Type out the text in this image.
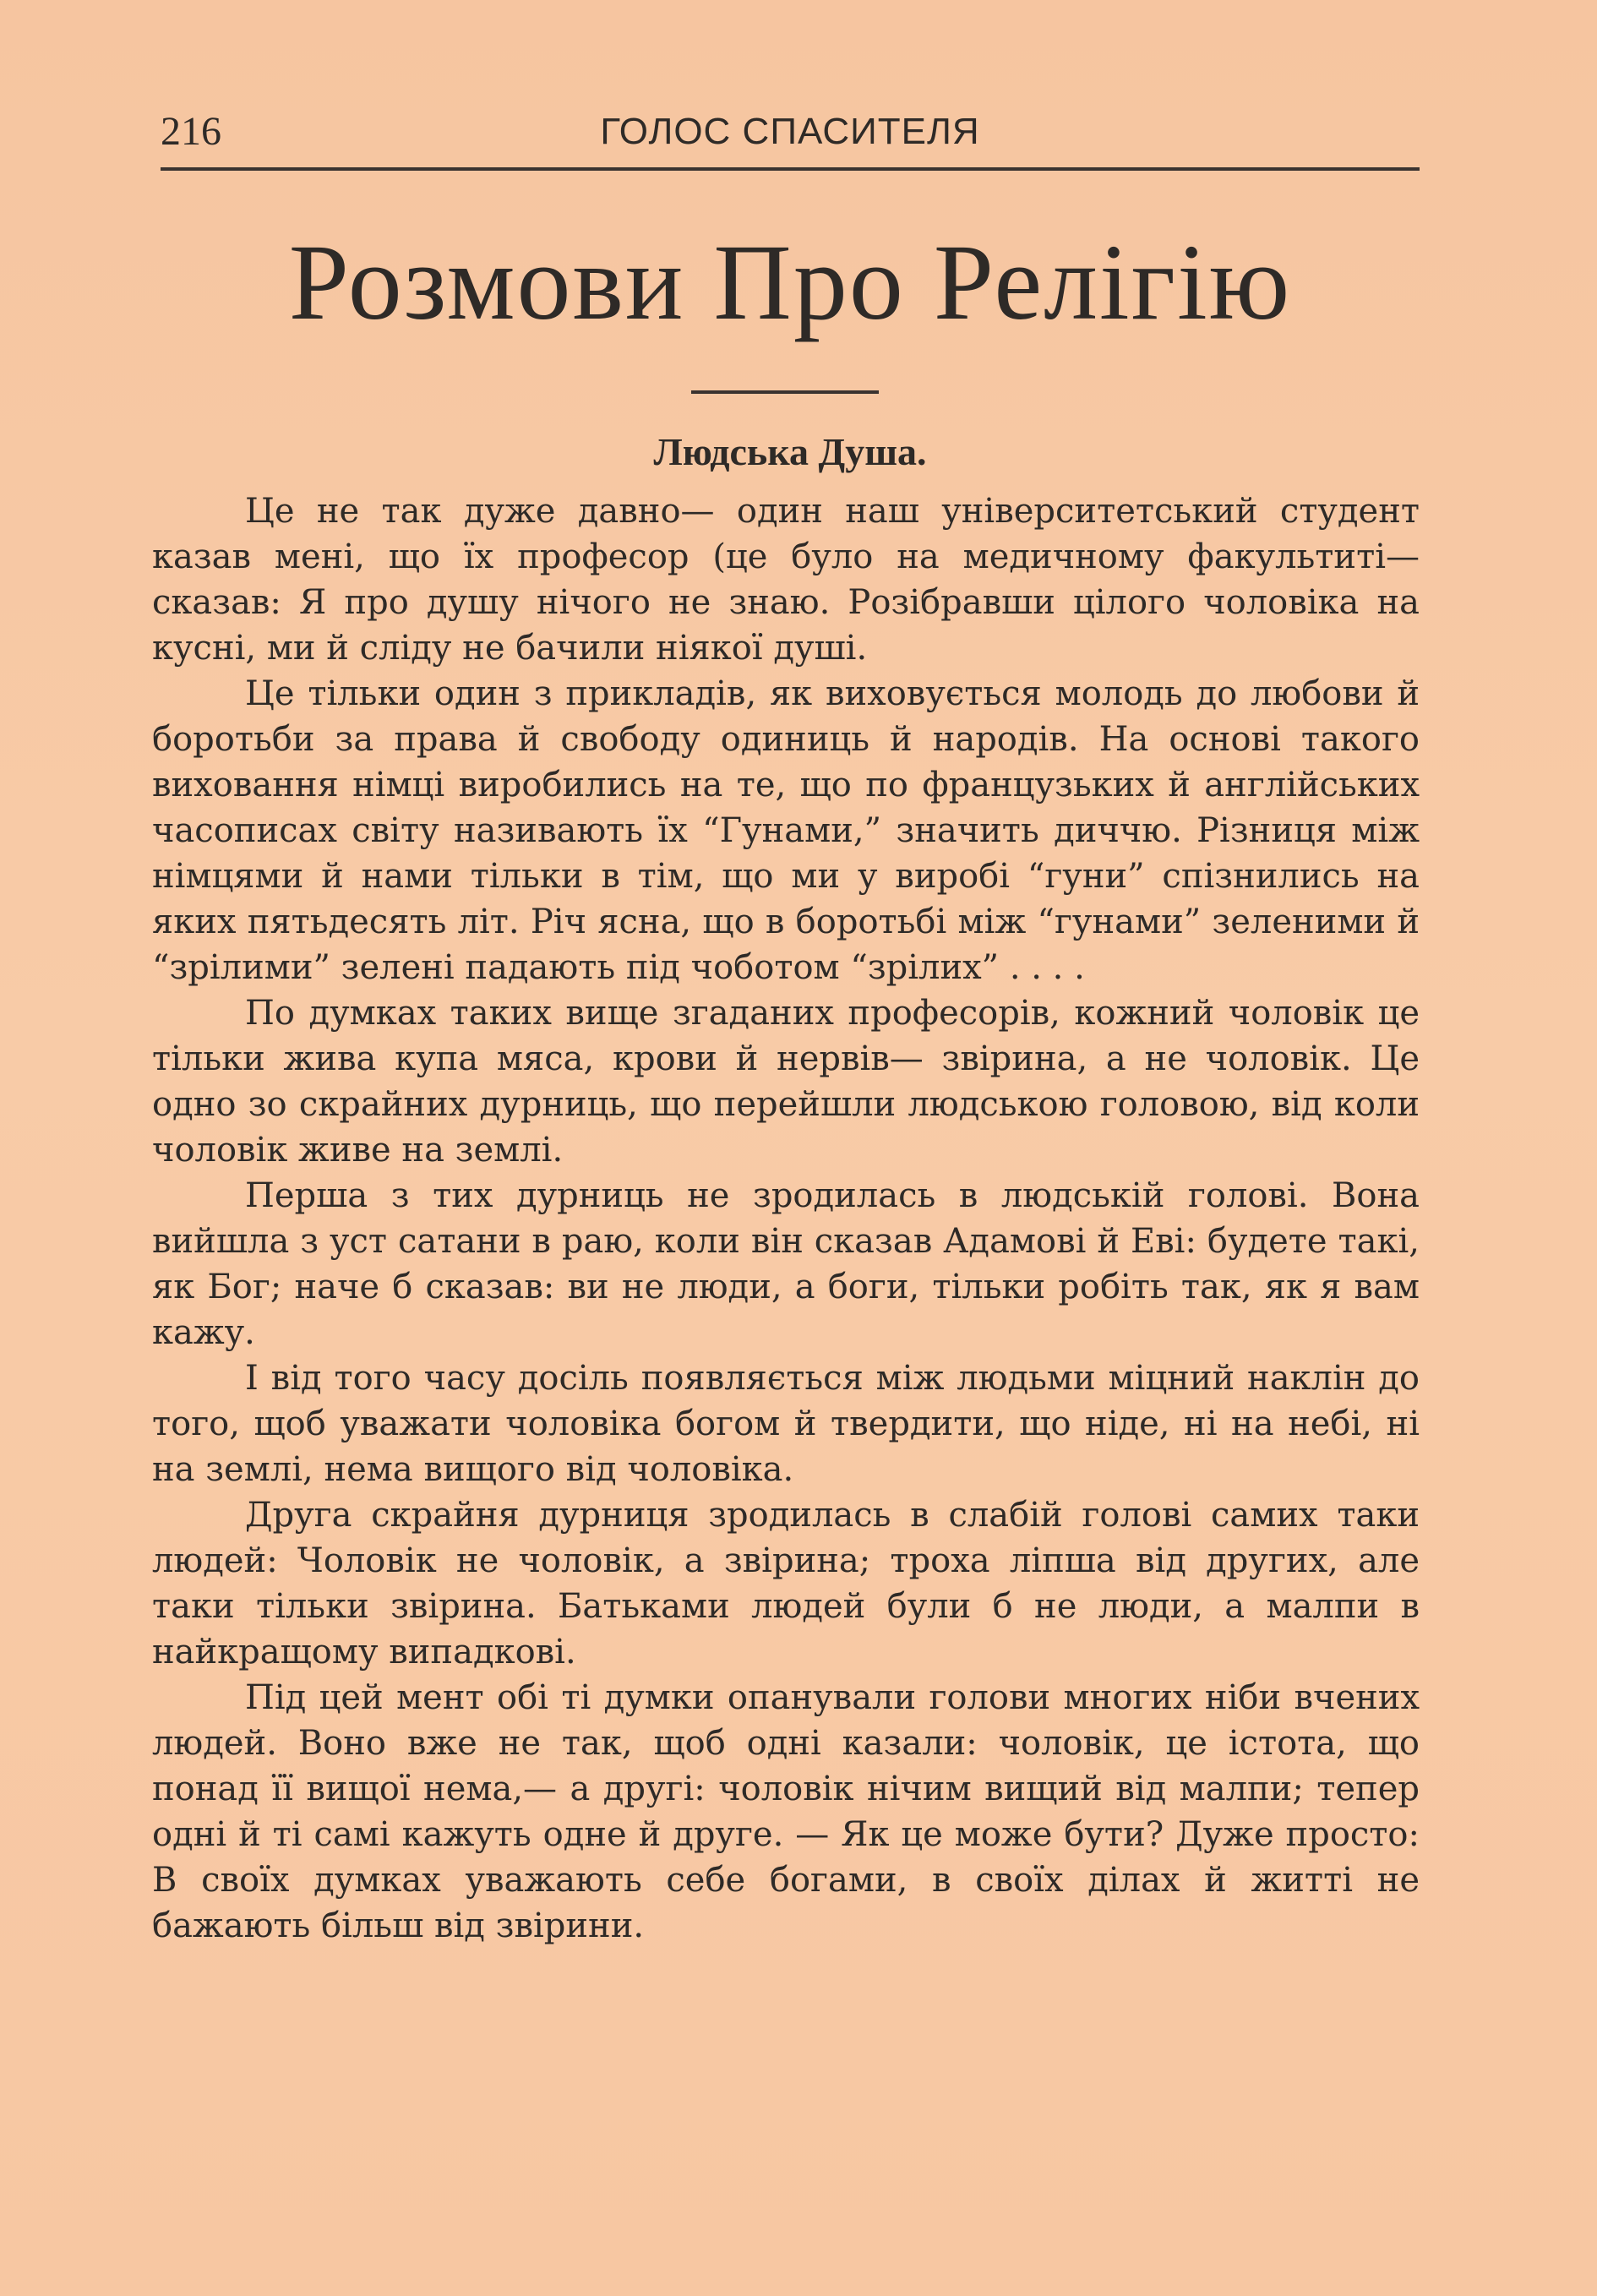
216	ГОЛОС СПАСИТЕЛЯ
Розмови Про Релігію
Людська Душа.

Це не так дуже давно— один наш університетський студент казав мені, що їх професор (це було на медичному факультиті— сказав: Я про душу нічого не знаю. Розібравши цілого чоловіка на кусні, ми й сліду не бачили ніякої душі.

Це тільки один з прикладів, як виховується молодь до любови й боротьби за права й свободу одиниць й народів. На основі такого виховання німці виробились на те, що по французьких й англійських часописах світу називають їх “Гунами,” значить диччю. Різниця між німцями й нами тільки в тім, що ми у виробі “гуни” спізнились на яких пятьдесять літ. Річ ясна, що в боротьбі між “гунами” зеленими й “зрілими” зелені падають під чоботом “зрілих” . . . .

По думках таких вище згаданих професорів, кожний чоловік це тільки жива купа мяса, крови й нервів— звірина, а не чоловік. Це одно зо скрайних дурниць, що перейшли людською головою, від коли чоловік живе на землі.

Перша з тих дурниць не зродилась в людській голові. Вона вийшла з уст сатани в раю, коли він сказав Адамові й Еві: будете такі, як Бог; наче б сказав: ви не люди, а боги, тільки робіть так, як я вам кажу.

І від того часу досіль появляється між людьми міцний наклін до того, щоб уважати чоловіка богом й твердити, що ніде, ні на небі, ні на землі, нема вищого від чоловіка.

Друга скрайня дурниця зродилась в слабій голові самих таки людей: Чоловік не чоловік, а звірина; троха ліпша від других, але таки тільки звірина. Батьками людей були б не люди, а малпи в найкращому випадкові.

Під цей мент обі ті думки опанували голови многих ніби вчених людей. Воно вже не так, щоб одні казали: чоловік, це істота, що понад її вищої нема,— а другі: чоловік нічим вищий від малпи; тепер одні й ті самі кажуть одне й друге. — Як це може бути? Дуже просто: В своїх думках уважають себе богами, в своїх ділах й житті не бажають більш від звірини.
